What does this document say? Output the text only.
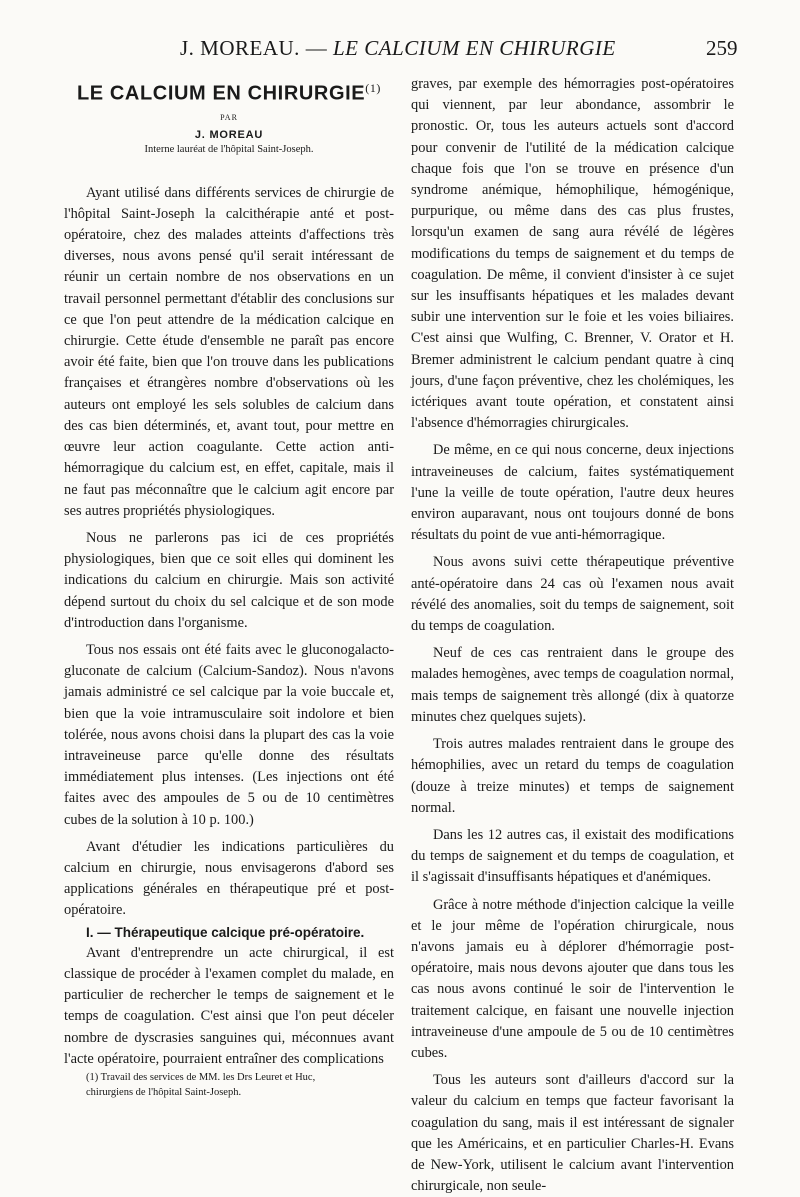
J. MOREAU. — LE CALCIUM EN CHIRURGIE	259
LE CALCIUM EN CHIRURGIE$^{(1)}$
PAR
J. MOREAU
Interne lauréat de l'hôpital Saint-Joseph.

Ayant utilisé dans différents services de chirurgie de l'hôpital Saint-Joseph la calcithérapie anté et post-opératoire, chez des malades atteints d'affections très diverses, nous avons pensé qu'il serait intéressant de réunir un certain nombre de nos observations en un travail personnel permettant d'établir des conclusions sur ce que l'on peut attendre de la médication calcique en chirurgie. Cette étude d'ensemble ne paraît pas encore avoir été faite, bien que l'on trouve dans les publications françaises et étrangères nombre d'observations où les auteurs ont employé les sels solubles de calcium dans des cas bien déterminés, et, avant tout, pour mettre en œuvre leur action coagulante. Cette action anti-hémorragique du calcium est, en effet, capitale, mais il ne faut pas méconnaître que le calcium agit encore par ses autres propriétés physiologiques.

Nous ne parlerons pas ici de ces propriétés physiologiques, bien que ce soit elles qui dominent les indications du calcium en chirurgie. Mais son activité dépend surtout du choix du sel calcique et de son mode d'introduction dans l'organisme.

Tous nos essais ont été faits avec le gluconogalacto-gluconate de calcium (Calcium-Sandoz). Nous n'avons jamais administré ce sel calcique par la voie buccale et, bien que la voie intramusculaire soit indolore et bien tolérée, nous avons choisi dans la plupart des cas la voie intraveineuse parce qu'elle donne des résultats immédiatement plus intenses. (Les injections ont été faites avec des ampoules de 5 ou de 10 centimètres cubes de la solution à 10 p. 100.)

Avant d'étudier les indications particulières du calcium en chirurgie, nous envisagerons d'abord ses applications générales en thérapeutique pré et post-opératoire.

I. — Thérapeutique calcique pré-opératoire.

Avant d'entreprendre un acte chirurgical, il est classique de procéder à l'examen complet du malade, en particulier de rechercher le temps de saignement et le temps de coagulation. C'est ainsi que l'on peut déceler nombre de dyscrasies sanguines qui, méconnues avant l'acte opératoire, pourraient entraîner des complications

(1) Travail des services de MM. les Drs Leuret et Huc,
chirurgiens de l'hôpital Saint-Joseph.

graves, par exemple des hémorragies post-opératoires qui viennent, par leur abondance, assombrir le pronostic. Or, tous les auteurs actuels sont d'accord pour convenir de l'utilité de la médication calcique chaque fois que l'on se trouve en présence d'un syndrome anémique, hémophilique, hémogénique, purpurique, ou même dans des cas plus frustes, lorsqu'un examen de sang aura révélé de légères modifications du temps de saignement et du temps de coagulation. De même, il convient d'insister à ce sujet sur les insuffisants hépatiques et les malades devant subir une intervention sur le foie et les voies biliaires. C'est ainsi que Wulfing, C. Brenner, V. Orator et H. Bremer administrent le calcium pendant quatre à cinq jours, d'une façon préventive, chez les cholémiques, les ictériques avant toute opération, et constatent ainsi l'absence d'hémorragies chirurgicales.

De même, en ce qui nous concerne, deux injections intraveineuses de calcium, faites systématiquement l'une la veille de toute opération, l'autre deux heures environ auparavant, nous ont toujours donné de bons résultats du point de vue anti-hémorragique.

Nous avons suivi cette thérapeutique préventive anté-opératoire dans 24 cas où l'examen nous avait révélé des anomalies, soit du temps de saignement, soit du temps de coagulation.

Neuf de ces cas rentraient dans le groupe des malades hemogènes, avec temps de coagulation normal, mais temps de saignement très allongé (dix à quatorze minutes chez quelques sujets).

Trois autres malades rentraient dans le groupe des hémophilies, avec un retard du temps de coagulation (douze à treize minutes) et temps de saignement normal.

Dans les 12 autres cas, il existait des modifications du temps de saignement et du temps de coagulation, et il s'agissait d'insuffisants hépatiques et d'anémiques.

Grâce à notre méthode d'injection calcique la veille et le jour même de l'opération chirurgicale, nous n'avons jamais eu à déplorer d'hémorragie post-opératoire, mais nous devons ajouter que dans tous les cas nous avons continué le soir de l'intervention le traitement calcique, en faisant une nouvelle injection intraveineuse d'une ampoule de 5 ou de 10 centimètres cubes.

Tous les auteurs sont d'ailleurs d'accord sur la valeur du calcium en temps que facteur favorisant la coagulation du sang, mais il est intéressant de signaler que les Américains, et en particulier Charles-H. Evans de New-York, utilisent le calcium avant l'intervention chirurgicale, non seule-
